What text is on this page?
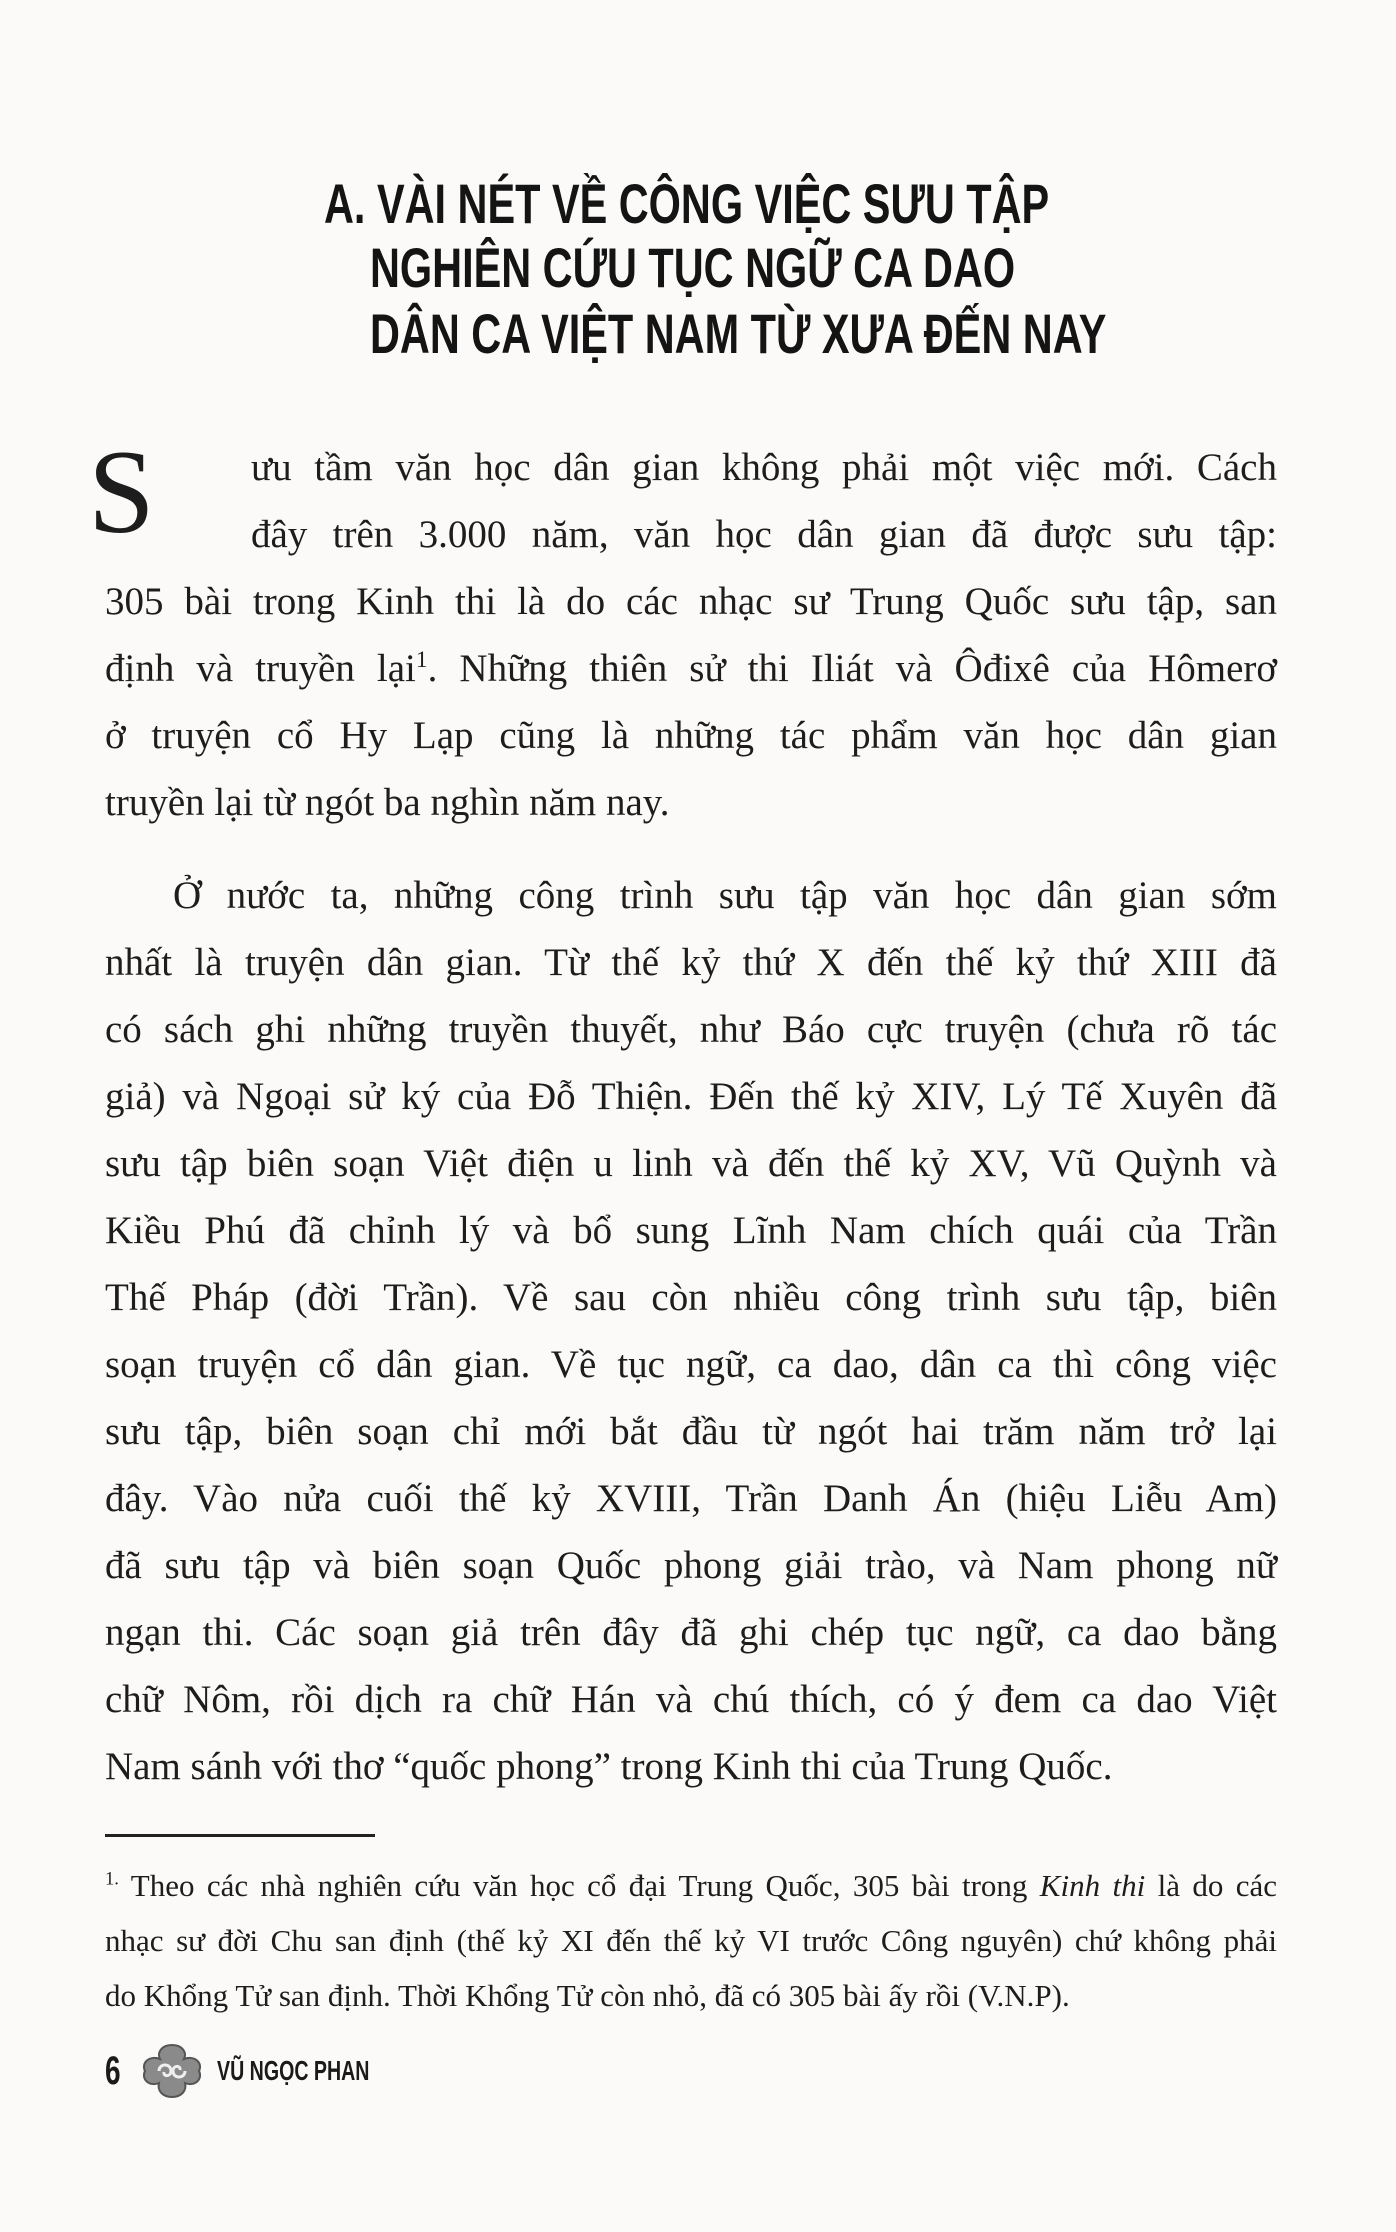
A. VÀI NÉT VỀ CÔNG VIỆC SƯU TẬP
NGHIÊN CỨU TỤC NGỮ CA DAO
DÂN CA VIỆT NAM TỪ XƯA ĐẾN NAY
S ưu tầm văn học dân gian không phải một việc mới. Cách
đây trên 3.000 năm, văn học dân gian đã được sưu tập:
305 bài trong Kinh thi là do các nhạc sư Trung Quốc sưu tập, san
định và truyền lại$^1$. Những thiên sử thi Iliát và Ôđixê của Hômerơ
ở truyện cổ Hy Lạp cũng là những tác phẩm văn học dân gian
truyền lại từ ngót ba nghìn năm nay.
Ở nước ta, những công trình sưu tập văn học dân gian sớm
nhất là truyện dân gian. Từ thế kỷ thứ X đến thế kỷ thứ XIII đã
có sách ghi những truyền thuyết, như Báo cực truyện (chưa rõ tác
giả) và Ngoại sử ký của Đỗ Thiện. Đến thế kỷ XIV, Lý Tế Xuyên đã
sưu tập biên soạn Việt điện u linh và đến thế kỷ XV, Vũ Quỳnh và
Kiều Phú đã chỉnh lý và bổ sung Lĩnh Nam chích quái của Trần
Thế Pháp (đời Trần). Về sau còn nhiều công trình sưu tập, biên
soạn truyện cổ dân gian. Về tục ngữ, ca dao, dân ca thì công việc
sưu tập, biên soạn chỉ mới bắt đầu từ ngót hai trăm năm trở lại
đây. Vào nửa cuối thế kỷ XVIII, Trần Danh Án (hiệu Liễu Am)
đã sưu tập và biên soạn Quốc phong giải trào, và Nam phong nữ
ngạn thi. Các soạn giả trên đây đã ghi chép tục ngữ, ca dao bằng
chữ Nôm, rồi dịch ra chữ Hán và chú thích, có ý đem ca dao Việt
Nam sánh với thơ “quốc phong” trong Kinh thi của Trung Quốc.
$^{1.}$ Theo các nhà nghiên cứu văn học cổ đại Trung Quốc, 305 bài trong Kinh thi là do các
nhạc sư đời Chu san định (thế kỷ XI đến thế kỷ VI trước Công nguyên) chứ không phải
do Khổng Tử san định. Thời Khổng Tử còn nhỏ, đã có 305 bài ấy rồi (V.N.P).
6	VŨ NGỌC PHAN
